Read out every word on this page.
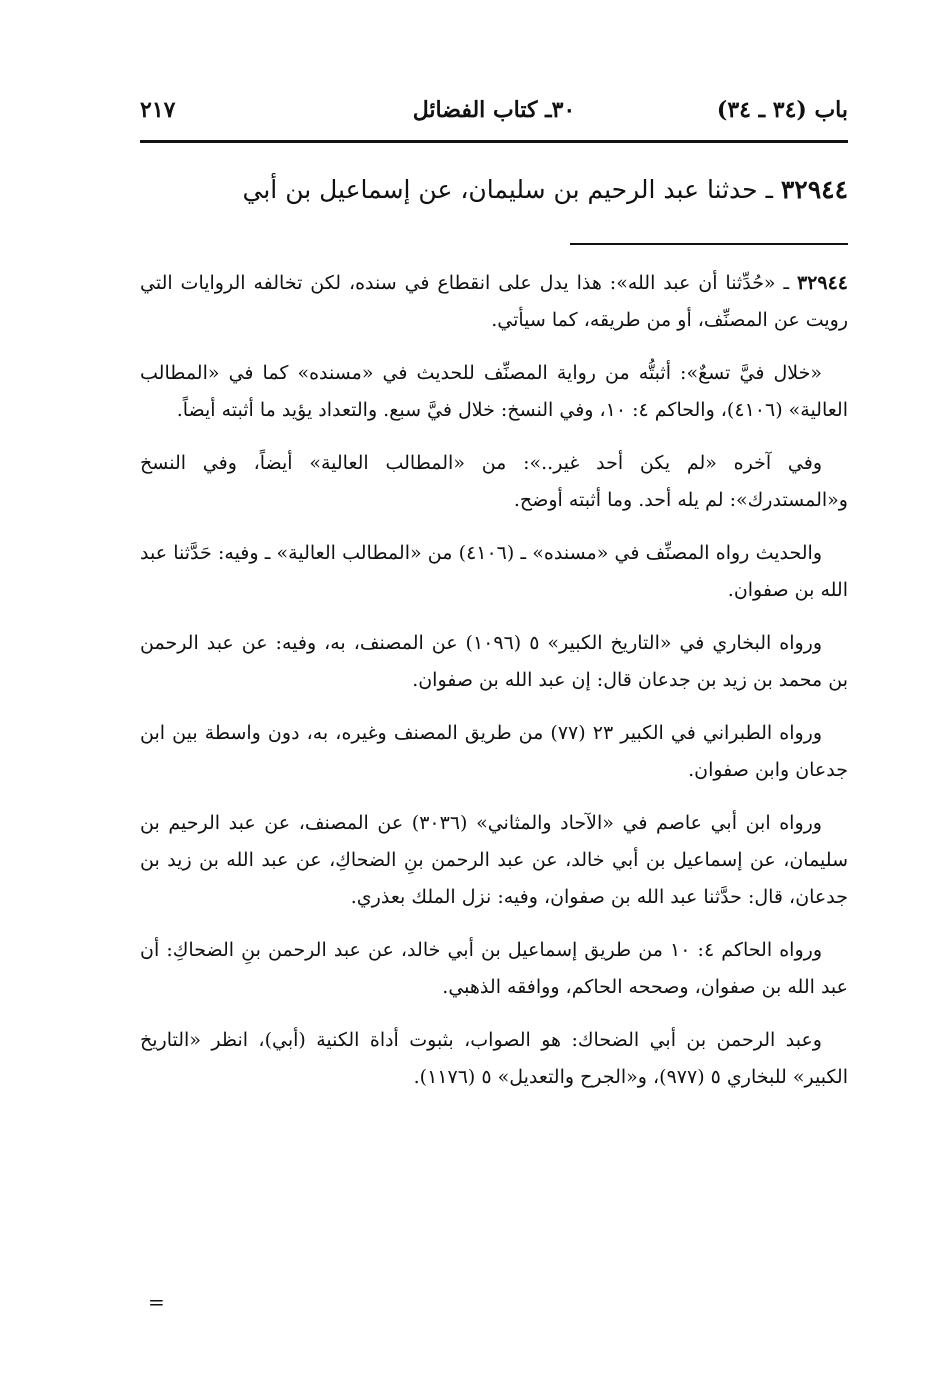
باب (٣٤ ـ ٣٤)
٣٠ـ كتاب الفضائل
٢١٧
٣٢٩٤٤ ـ حدثنا عبد الرحيم بن سليمان، عن إسماعيل بن أبي

٣٢٩٤٤ ـ «حُدِّثنا أن عبد الله»: هذا يدل على انقطاع في سنده، لكن تخالفه الروايات التي رويت عن المصنِّف، أو من طريقه، كما سيأتي.

«خلال فيَّ تسعٌ»: أثبتُّه من رواية المصنِّف للحديث في «مسنده» كما في «المطالب العالية» (٤١٠٦)، والحاكم ٤: ١٠، وفي النسخ: خلال فيَّ سبع. والتعداد يؤيد ما أثبته أيضاً.

وفي آخره «لم يكن أحد غير..»: من «المطالب العالية» أيضاً، وفي النسخ و«المستدرك»: لم يله أحد. وما أثبته أوضح.

والحديث رواه المصنِّف في «مسنده» ـ (٤١٠٦) من «المطالب العالية» ـ وفيه: حَدَّثنا عبد الله بن صفوان.

ورواه البخاري في «التاريخ الكبير» ٥ (١٠٩٦) عن المصنف، به، وفيه: عن عبد الرحمن بن محمد بن زيد بن جدعان قال: إن عبد الله بن صفوان.

ورواه الطبراني في الكبير ٢٣ (٧٧) من طريق المصنف وغيره، به، دون واسطة بين ابن جدعان وابن صفوان.

ورواه ابن أبي عاصم في «الآحاد والمثاني» (٣٠٣٦) عن المصنف، عن عبد الرحيم بن سليمان، عن إسماعيل بن أبي خالد، عن عبد الرحمن بنِ الضحاكِ، عن عبد الله بن زيد بن جدعان، قال: حدَّثنا عبد الله بن صفوان، وفيه: نزل الملك بعذري.

ورواه الحاكم ٤: ١٠ من طريق إسماعيل بن أبي خالد، عن عبد الرحمن بنِ الضحاكِ: أن عبد الله بن صفوان، وصححه الحاكم، ووافقه الذهبي.

وعبد الرحمن بن أبي الضحاك: هو الصواب، بثبوت أداة الكنية (أبي)، انظر «التاريخ الكبير» للبخاري ٥ (٩٧٧)، و«الجرح والتعديل» ٥ (١١٧٦).

=
